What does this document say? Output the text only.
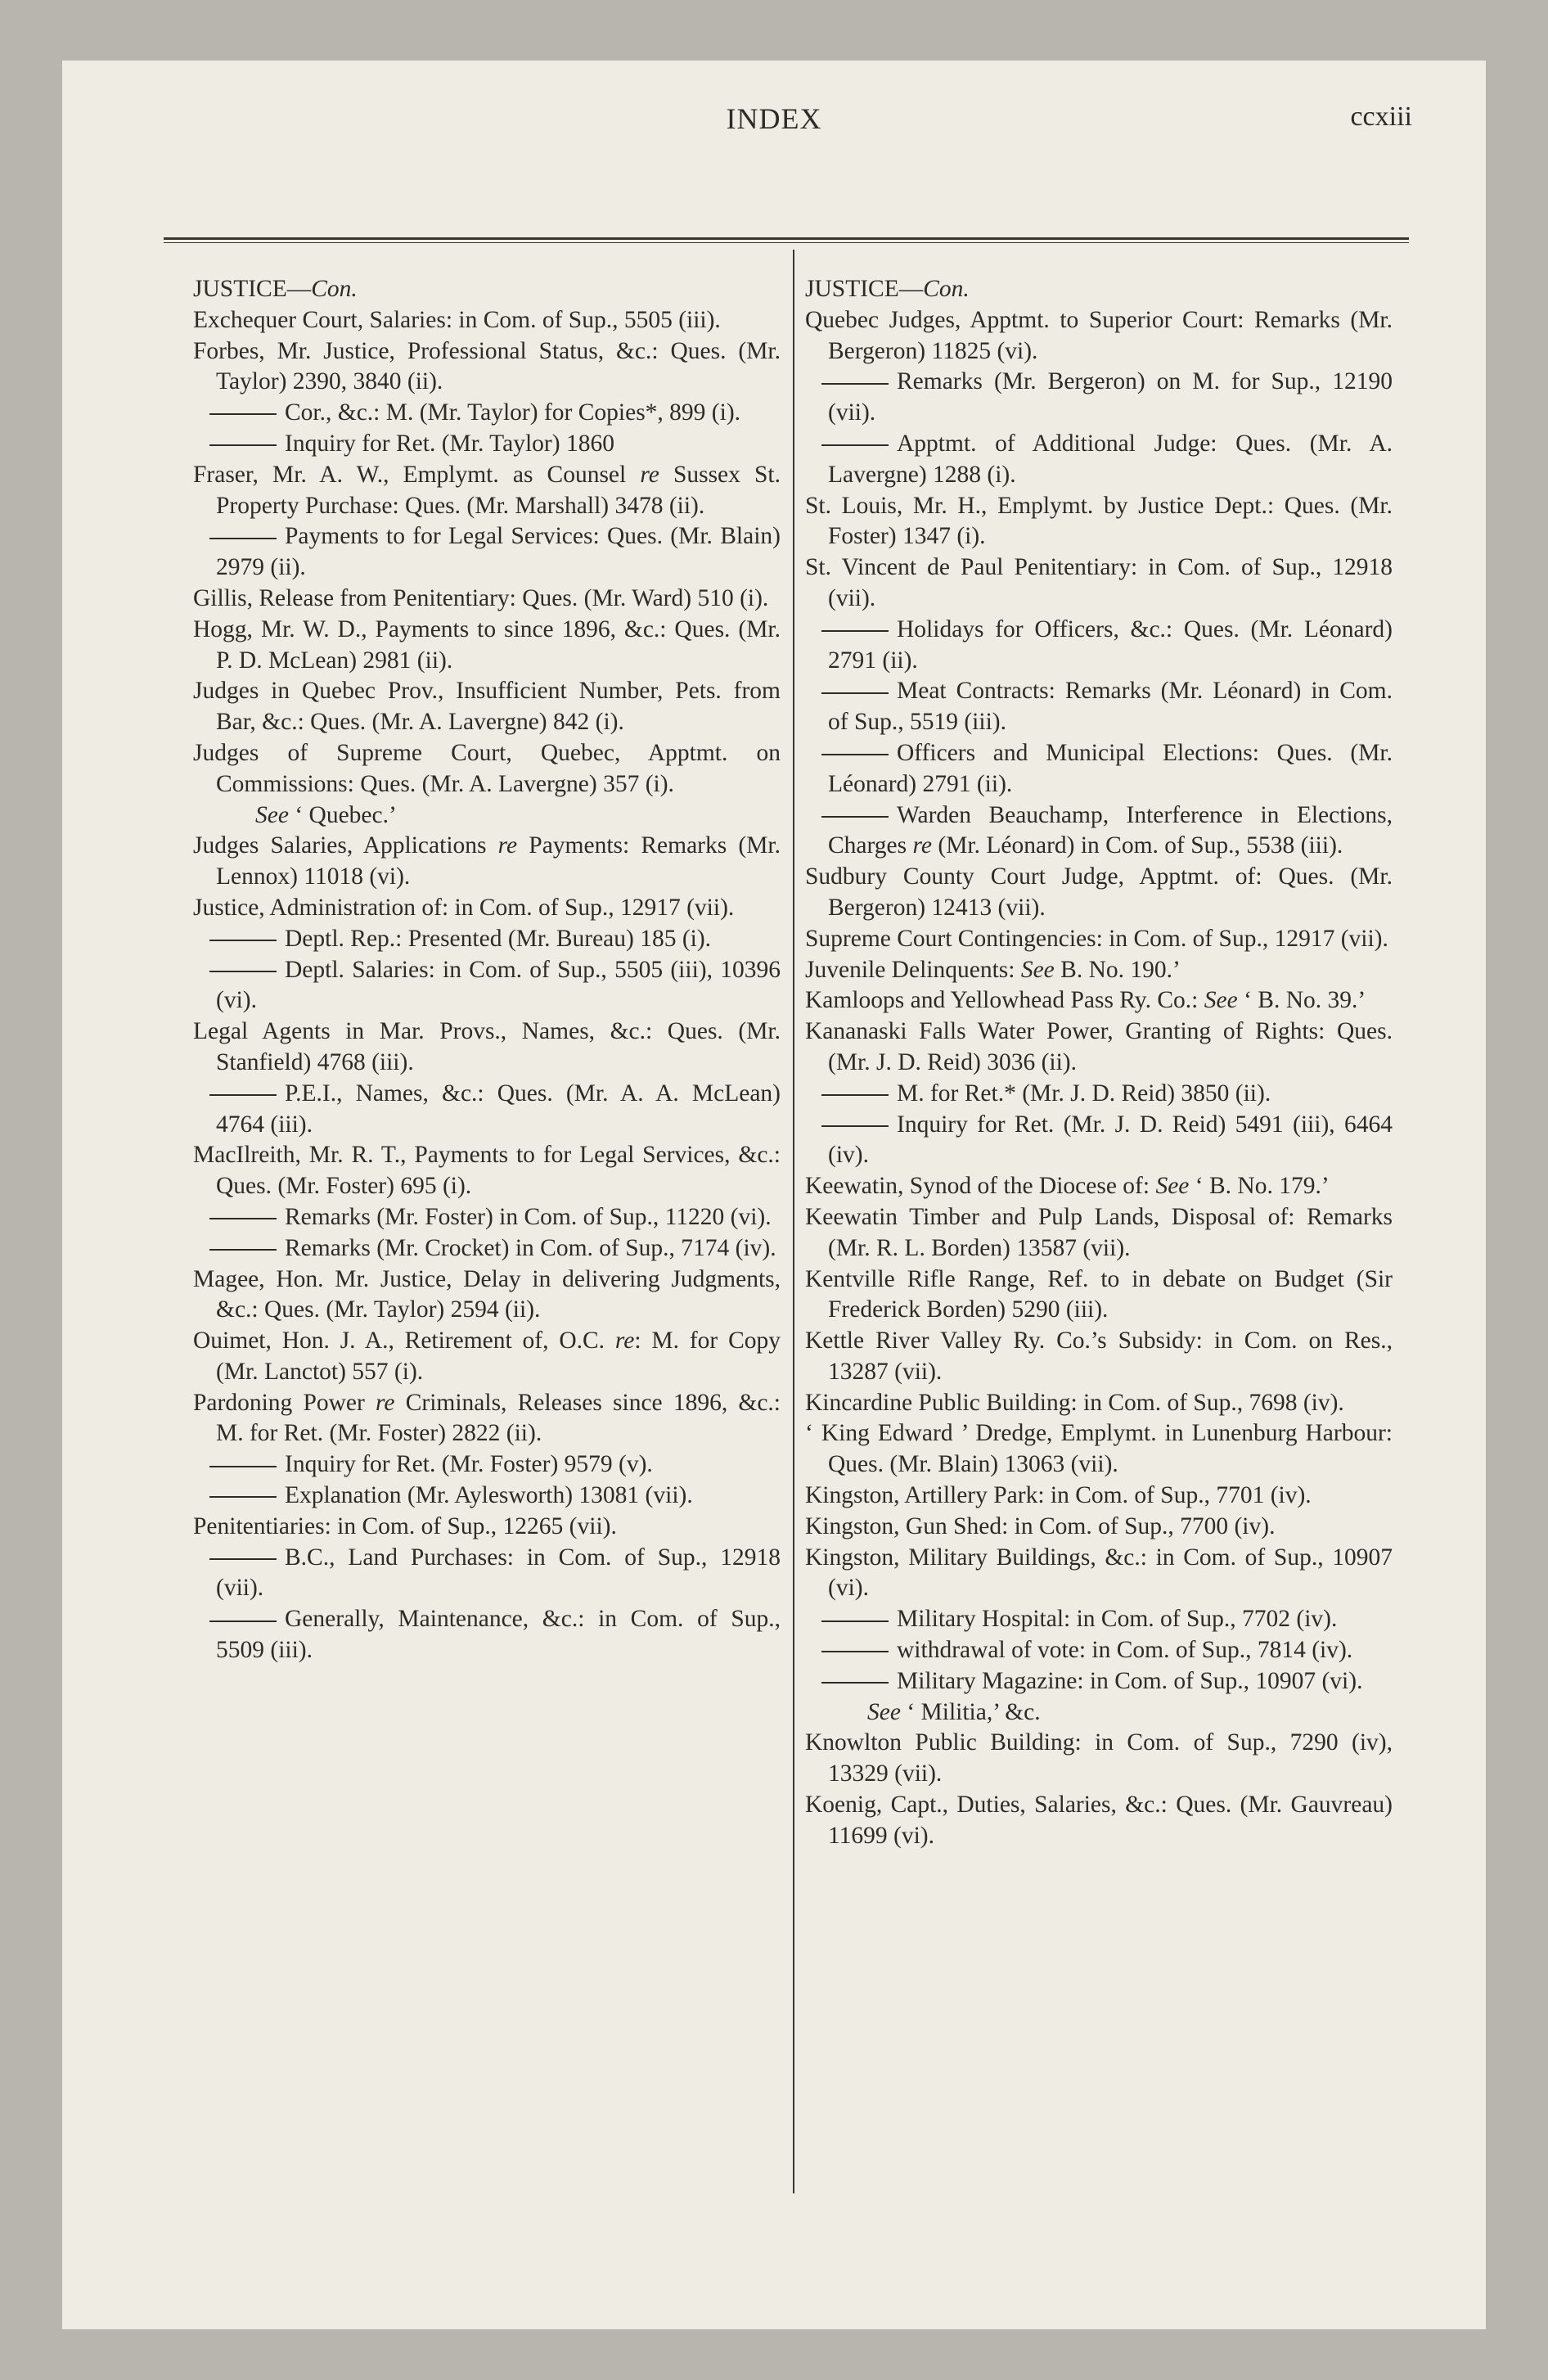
INDEX	ccxiii

JUSTICE—Con.

Exchequer Court, Salaries: in Com. of Sup., 5505 (iii).

Forbes, Mr. Justice, Professional Status, &c.: Ques. (Mr. Taylor) 2390, 3840 (ii).

Cor., &c.: M. (Mr. Taylor) for Copies*, 899 (i).

Inquiry for Ret. (Mr. Taylor) 1860

Fraser, Mr. A. W., Emplymt. as Counsel re Sussex St. Property Purchase: Ques. (Mr. Marshall) 3478 (ii).

Payments to for Legal Services: Ques. (Mr. Blain) 2979 (ii).

Gillis, Release from Penitentiary: Ques. (Mr. Ward) 510 (i).

Hogg, Mr. W. D., Payments to since 1896, &c.: Ques. (Mr. P. D. McLean) 2981 (ii).

Judges in Quebec Prov., Insufficient Number, Pets. from Bar, &c.: Ques. (Mr. A. Lavergne) 842 (i).

Judges of Supreme Court, Quebec, Apptmt. on Commissions: Ques. (Mr. A. Lavergne) 357 (i).

See ‘ Quebec.’

Judges Salaries, Applications re Payments: Remarks (Mr. Lennox) 11018 (vi).

Justice, Administration of: in Com. of Sup., 12917 (vii).

Deptl. Rep.: Presented (Mr. Bureau) 185 (i).

Deptl. Salaries: in Com. of Sup., 5505 (iii), 10396 (vi).

Legal Agents in Mar. Provs., Names, &c.: Ques. (Mr. Stanfield) 4768 (iii).

P.E.I., Names, &c.: Ques. (Mr. A. A. McLean) 4764 (iii).

MacIlreith, Mr. R. T., Payments to for Legal Services, &c.: Ques. (Mr. Foster) 695 (i).

Remarks (Mr. Foster) in Com. of Sup., 11220 (vi).

Remarks (Mr. Crocket) in Com. of Sup., 7174 (iv).

Magee, Hon. Mr. Justice, Delay in delivering Judgments, &c.: Ques. (Mr. Taylor) 2594 (ii).

Ouimet, Hon. J. A., Retirement of, O.C. re: M. for Copy (Mr. Lanctot) 557 (i).

Pardoning Power re Criminals, Releases since 1896, &c.: M. for Ret. (Mr. Foster) 2822 (ii).

Inquiry for Ret. (Mr. Foster) 9579 (v).

Explanation (Mr. Aylesworth) 13081 (vii).

Penitentiaries: in Com. of Sup., 12265 (vii).

B.C., Land Purchases: in Com. of Sup., 12918 (vii).

Generally, Maintenance, &c.: in Com. of Sup., 5509 (iii).

JUSTICE—Con.

Quebec Judges, Apptmt. to Superior Court: Remarks (Mr. Bergeron) 11825 (vi).

Remarks (Mr. Bergeron) on M. for Sup., 12190 (vii).

Apptmt. of Additional Judge: Ques. (Mr. A. Lavergne) 1288 (i).

St. Louis, Mr. H., Emplymt. by Justice Dept.: Ques. (Mr. Foster) 1347 (i).

St. Vincent de Paul Penitentiary: in Com. of Sup., 12918 (vii).

Holidays for Officers, &c.: Ques. (Mr. Léonard) 2791 (ii).

Meat Contracts: Remarks (Mr. Léonard) in Com. of Sup., 5519 (iii).

Officers and Municipal Elections: Ques. (Mr. Léonard) 2791 (ii).

Warden Beauchamp, Interference in Elections, Charges re (Mr. Léonard) in Com. of Sup., 5538 (iii).

Sudbury County Court Judge, Apptmt. of: Ques. (Mr. Bergeron) 12413 (vii).

Supreme Court Contingencies: in Com. of Sup., 12917 (vii).

Juvenile Delinquents: See B. No. 190.’

Kamloops and Yellowhead Pass Ry. Co.: See ‘ B. No. 39.’

Kananaski Falls Water Power, Granting of Rights: Ques. (Mr. J. D. Reid) 3036 (ii).

M. for Ret.* (Mr. J. D. Reid) 3850 (ii).

Inquiry for Ret. (Mr. J. D. Reid) 5491 (iii), 6464 (iv).

Keewatin, Synod of the Diocese of: See ‘ B. No. 179.’

Keewatin Timber and Pulp Lands, Disposal of: Remarks (Mr. R. L. Borden) 13587 (vii).

Kentville Rifle Range, Ref. to in debate on Budget (Sir Frederick Borden) 5290 (iii).

Kettle River Valley Ry. Co.’s Subsidy: in Com. on Res., 13287 (vii).

Kincardine Public Building: in Com. of Sup., 7698 (iv).

‘ King Edward ’ Dredge, Emplymt. in Lunenburg Harbour: Ques. (Mr. Blain) 13063 (vii).

Kingston, Artillery Park: in Com. of Sup., 7701 (iv).

Kingston, Gun Shed: in Com. of Sup., 7700 (iv).

Kingston, Military Buildings, &c.: in Com. of Sup., 10907 (vi).

Military Hospital: in Com. of Sup., 7702 (iv).

withdrawal of vote: in Com. of Sup., 7814 (iv).

Military Magazine: in Com. of Sup., 10907 (vi).

See ‘ Militia,’ &c.

Knowlton Public Building: in Com. of Sup., 7290 (iv), 13329 (vii).

Koenig, Capt., Duties, Salaries, &c.: Ques. (Mr. Gauvreau) 11699 (vi).
